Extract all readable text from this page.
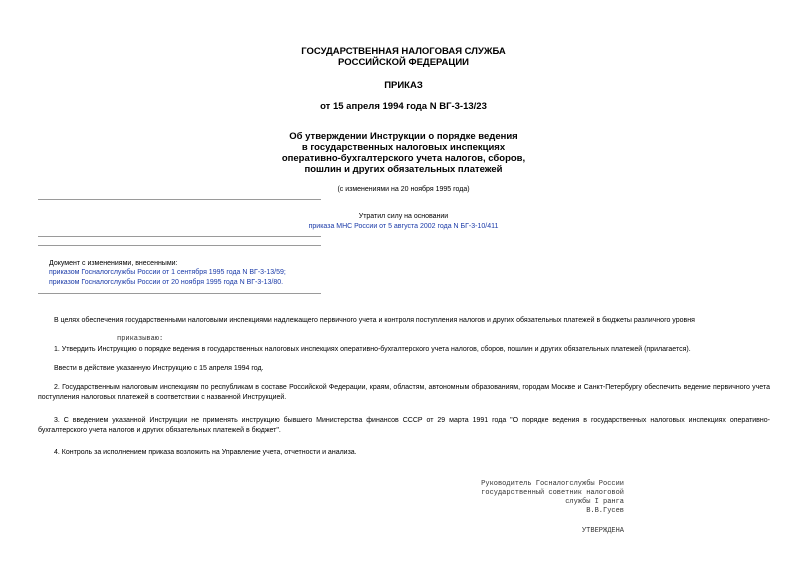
ГОСУДАРСТВЕННАЯ НАЛОГОВАЯ СЛУЖБА
РОССИЙСКОЙ ФЕДЕРАЦИИ
ПРИКАЗ
от 15 апреля 1994 года N ВГ-3-13/23
Об утверждении Инструкции о порядке ведения
в государственных налоговых инспекциях
оперативно-бухгалтерского учета налогов, сборов,
пошлин и других обязательных платежей
(с изменениями на 20 ноября 1995 года)
Утратил силу на основании
приказа МНС России от 5 августа 2002 года N БГ-3-10/411
Документ с изменениями, внесенными:
приказом Госналогслужбы России от 1 сентября 1995 года N ВГ-3-13/59;
приказом Госналогслужбы России от 20 ноября 1995 года N ВГ-3-13/80.
В целях обеспечения государственными налоговыми инспекциями надлежащего первичного учета и контроля поступления налогов и других обязательных платежей в бюджеты различного уровня
приказываю:
1. Утвердить Инструкцию о порядке ведения в государственных налоговых инспекциях оперативно-бухгалтерского учета налогов, сборов, пошлин и других обязательных платежей (прилагается).
Ввести в действие указанную Инструкцию с 15 апреля 1994 год.
2. Государственным налоговым инспекциям по республикам в составе Российской Федерации, краям, областям, автономным образованиям, городам Москве и Санкт-Петербургу обеспечить ведение первичного учета поступления налоговых платежей в соответствии с названной Инструкцией.
3. С введением указанной Инструкции не применять инструкцию бывшего Министерства финансов СССР от 29 марта 1991 года "О порядке ведения в государственных налоговых инспекциях оперативно-бухгалтерского учета налогов и других обязательных платежей в бюджет".
4. Контроль за исполнением приказа возложить на Управление учета, отчетности и анализа.
Руководитель Госналогслужбы России
государственный советник налоговой
службы I ранга
В.В.Гусев
УТВЕРЖДЕНА
